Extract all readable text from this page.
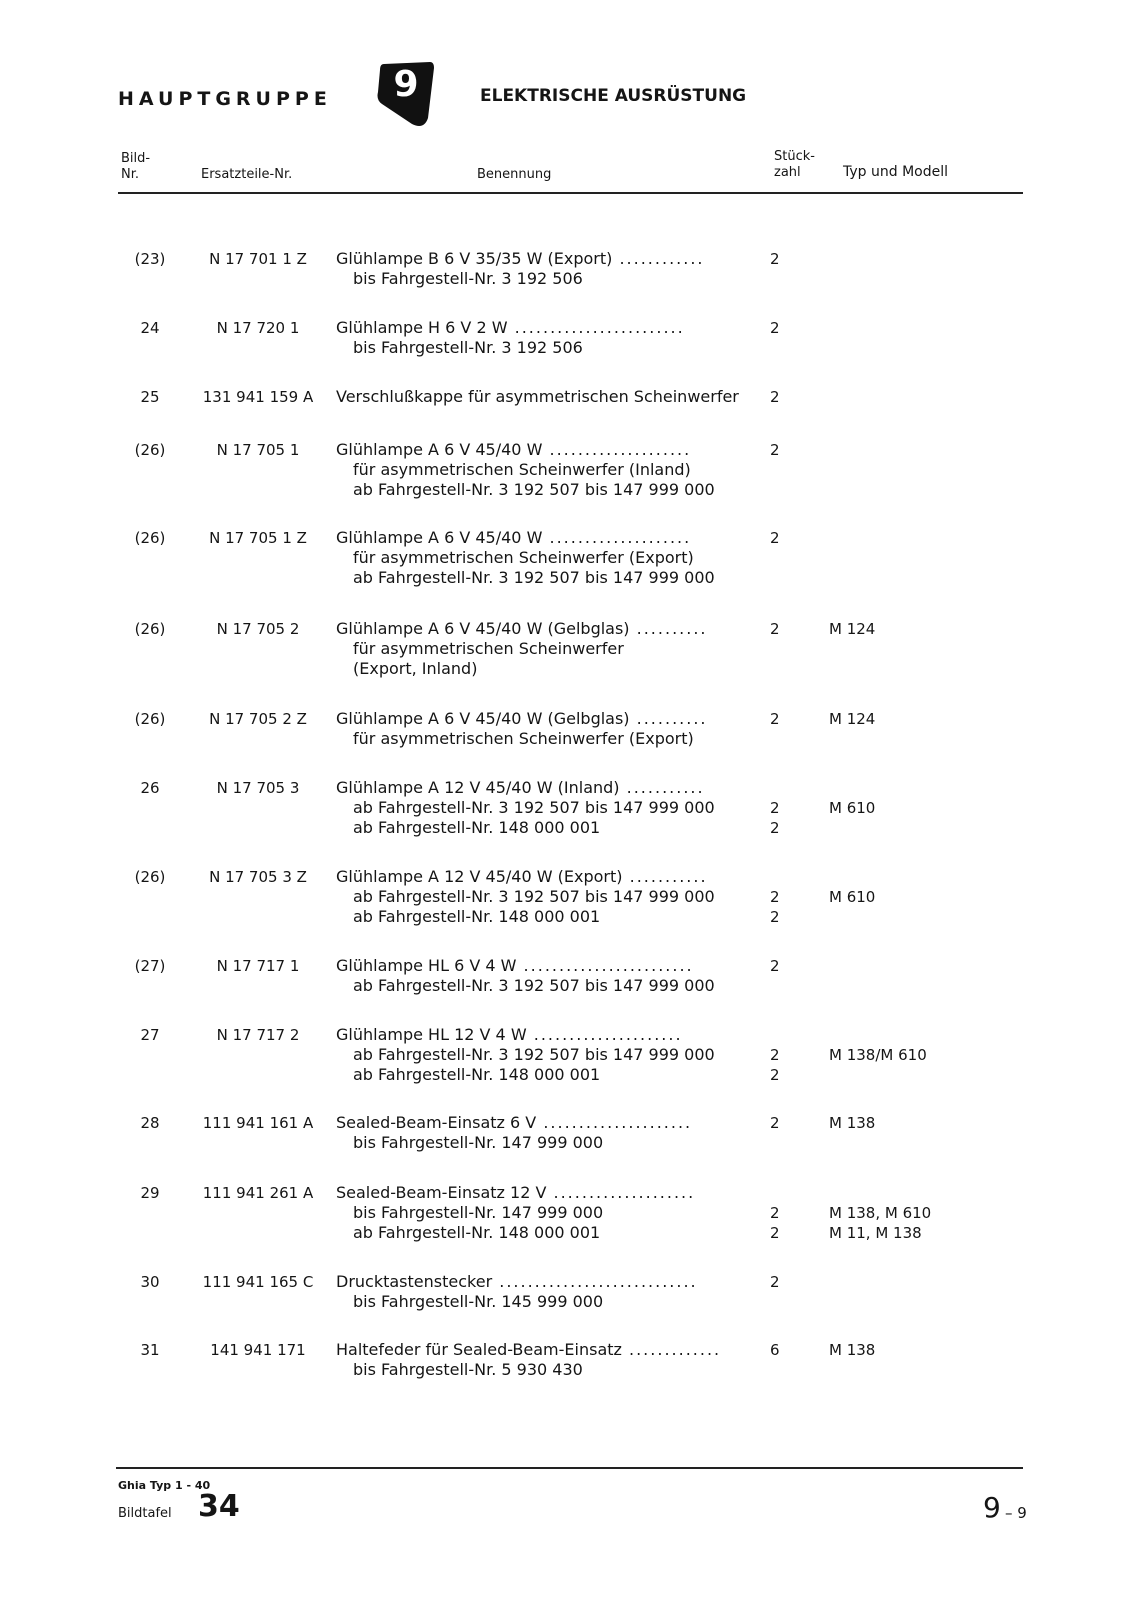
HAUPTGRUPPE	9	ELEKTRISCHE AUSRÜSTUNG
Bild-
Nr.	Ersatzteile-Nr.	Benennung
Stück-
zahl	Typ und Modell
(23)	N 17 701 1 Z	Glühlampe B 6 V 35/35 W (Export) ............	2
bis Fahrgestell-Nr. 3 192 506
24	N 17 720 1	Glühlampe H 6 V 2 W ........................	2
bis Fahrgestell-Nr. 3 192 506
25	131 941 159 A	Verschlußkappe für asymmetrischen Scheinwerfer 2
(26)	N 17 705 1	Glühlampe A 6 V 45/40 W ....................	2
für asymmetrischen Scheinwerfer (Inland)
ab Fahrgestell-Nr. 3 192 507 bis 147 999 000
(26)	N 17 705 1 Z	Glühlampe A 6 V 45/40 W ....................	2
für asymmetrischen Scheinwerfer (Export)
ab Fahrgestell-Nr. 3 192 507 bis 147 999 000
(26)	N 17 705 2	Glühlampe A 6 V 45/40 W (Gelbglas) ..........	2	M 124
für asymmetrischen Scheinwerfer
(Export, Inland)
(26)	N 17 705 2 Z	Glühlampe A 6 V 45/40 W (Gelbglas) ..........	2	M 124
für asymmetrischen Scheinwerfer (Export)
26	N 17 705 3	Glühlampe A 12 V 45/40 W (Inland) ...........
ab Fahrgestell-Nr. 3 192 507 bis 147 999 000	2	M 610
ab Fahrgestell-Nr. 148 000 001	2
(26)	N 17 705 3 Z	Glühlampe A 12 V 45/40 W (Export) ...........
ab Fahrgestell-Nr. 3 192 507 bis 147 999 000	2	M 610
ab Fahrgestell-Nr. 148 000 001	2
(27)	N 17 717 1	Glühlampe HL 6 V 4 W ........................	2
ab Fahrgestell-Nr. 3 192 507 bis 147 999 000
27	N 17 717 2	Glühlampe HL 12 V 4 W .....................
ab Fahrgestell-Nr. 3 192 507 bis 147 999 000	2	M 138/M 610
ab Fahrgestell-Nr. 148 000 001	2
28	111 941 161 A	Sealed-Beam-Einsatz 6 V .....................	2	M 138
bis Fahrgestell-Nr. 147 999 000
29	111 941 261 A	Sealed-Beam-Einsatz 12 V ....................
bis Fahrgestell-Nr. 147 999 000	2	M 138, M 610
ab Fahrgestell-Nr. 148 000 001	2	M 11, M 138
30	111 941 165 C	Drucktastenstecker ............................	2
bis Fahrgestell-Nr. 145 999 000
31	141 941 171	Haltefeder für Sealed-Beam-Einsatz .............	6	M 138
bis Fahrgestell-Nr. 5 930 430
Ghia Typ 1 - 40
Bildtafel 34	9 – 9
